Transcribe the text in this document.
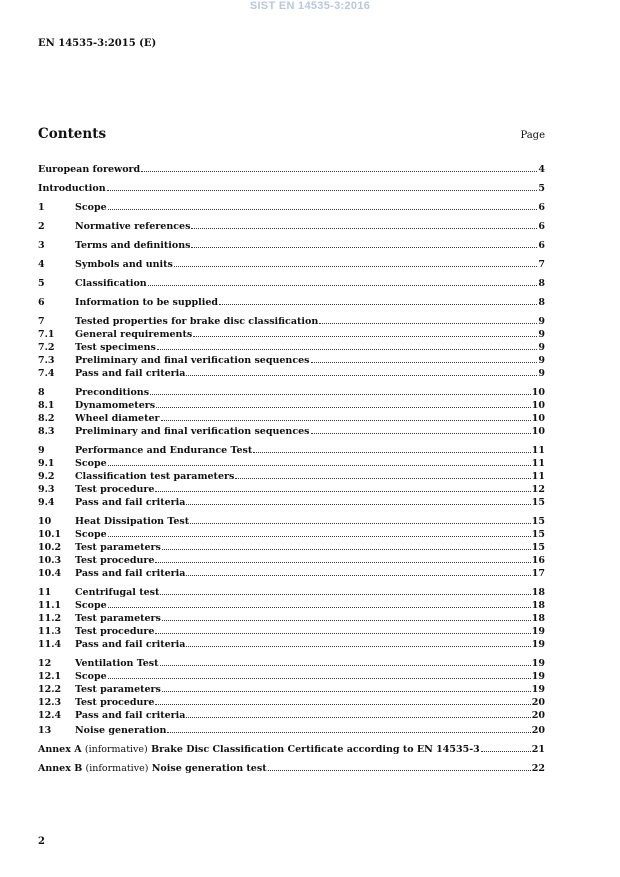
SIST EN 14535-3:2016
EN 14535-3:2015 (E)
Contents	Page
European foreword	4
Introduction	5
1	Scope	6
2	Normative references	6
3	Terms and definitions	6
4	Symbols and units	7
5	Classification	8
6	Information to be supplied	8
7	Tested properties for brake disc classification	9
7.1	General requirements	9
7.2	Test specimens	9
7.3	Preliminary and final verification sequences	9
7.4	Pass and fail criteria	9
8	Preconditions	10
8.1	Dynamometers	10
8.2	Wheel diameter	10
8.3	Preliminary and final verification sequences	10
9	Performance and Endurance Test	11
9.1	Scope	11
9.2	Classification test parameters	11
9.3	Test procedure	12
9.4	Pass and fail criteria	15
10	Heat Dissipation Test	15
10.1	Scope	15
10.2	Test parameters	15
10.3	Test procedure	16
10.4	Pass and fail criteria	17
11	Centrifugal test	18
11.1	Scope	18
11.2	Test parameters	18
11.3	Test procedure	19
11.4	Pass and fail criteria	19
12	Ventilation Test	19
12.1	Scope	19
12.2	Test parameters	19
12.3	Test procedure	20
12.4	Pass and fail criteria	20
13	Noise generation	20
Annex A (informative) Brake Disc Classification Certificate according to EN 14535-3	21
Annex B (informative) Noise generation test	22
2
